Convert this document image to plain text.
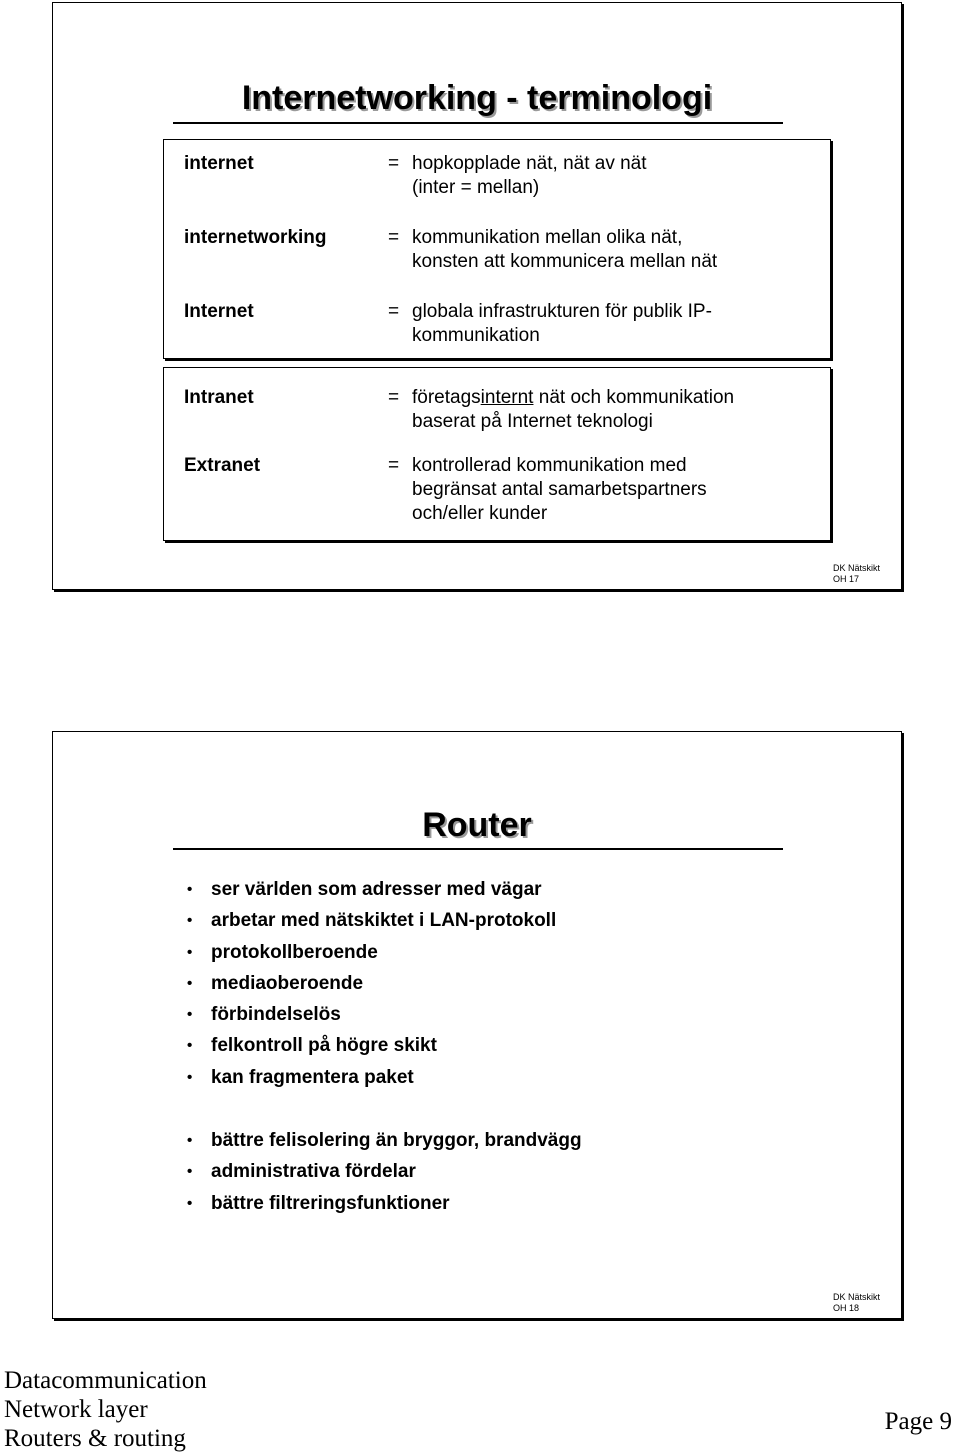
Internetworking - terminologi
internet	= hopkopplade nät, nät av nät
(inter = mellan)
internetworking	= kommunikation mellan olika nät,
konsten att kommunicera mellan nät
Internet	= globala infrastrukturen för publik IP-
kommunikation
Intranet	= företagsinternt nät och kommunikation
baserat på Internet teknologi
Extranet	= kontrollerad kommunikation med
begränsat antal samarbetspartners
och/eller kunder
DK Nätskikt
OH 17
Router
• ser världen som adresser med vägar
• arbetar med nätskiktet i LAN-protokoll
• protokollberoende
• mediaoberoende
• förbindelselös
• felkontroll på högre skikt
• kan fragmentera paket
• bättre felisolering än bryggor, brandvägg
• administrativa fördelar
• bättre filtreringsfunktioner
DK Nätskikt
OH 18
Datacommunication
Network layer
Routers & routing
Page 9
